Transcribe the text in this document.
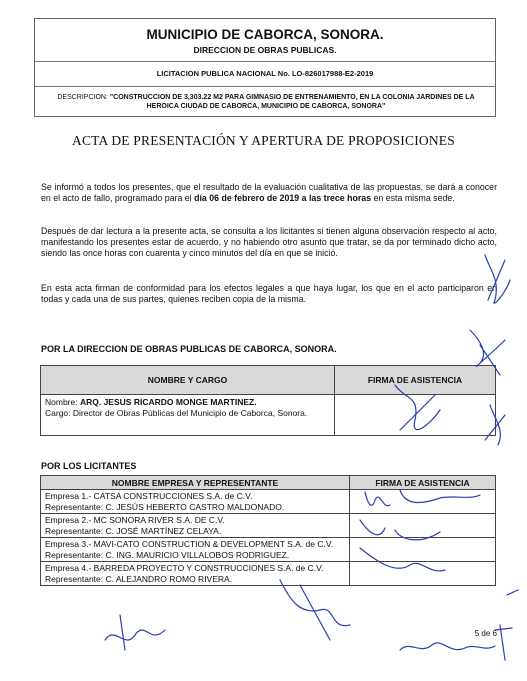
MUNICIPIO DE CABORCA, SONORA.
DIRECCION DE OBRAS PUBLICAS.
LICITACION PUBLICA NACIONAL No. LO-826017988-E2-2019
DESCRIPCION: "CONSTRUCCION DE 3,303.22 M2 PARA GIMNASIO DE ENTRENAMIENTO, EN LA COLONIA JARDINES DE LA HEROICA CIUDAD DE CABORCA, MUNICIPIO DE CABORCA, SONORA"
ACTA DE PRESENTACIÓN Y APERTURA DE PROPOSICIONES
Se informó a todos los presentes, que el resultado de la evaluación cualitativa de las propuestas, se dará a conocer en el acto de fallo, programado para el día 06 de febrero de 2019 a las trece horas en esta misma sede.
Después de dar lectura a la presente acta, se consulta a los licitantes si tienen alguna observación respecto al acto, manifestando los presentes estar de acuerdo, y no habiendo otro asunto que tratar, se da por terminado dicho acto, siendo las once horas con cuarenta y cinco minutos del día en que se inició.
En esta acta firman de conformidad para los efectos legales a que haya lugar, los que en el acto participaron en todas y cada una de sus partes, quienes reciben copia de la misma.
POR LA DIRECCION DE OBRAS PUBLICAS DE CABORCA, SONORA.
NOMBRE Y CARGO	FIRMA DE ASISTENCIA
Nombre: ARQ. JESUS RICARDO MONGE MARTINEZ.
Cargo: Director de Obras Públicas del Municipio de Caborca, Sonora.	
POR LOS LICITANTES
NOMBRE EMPRESA Y REPRESENTANTE	FIRMA DE ASISTENCIA
Empresa 1.- CATSA CONSTRUCCIONES S.A. de C.V.
Representante: C. JESÚS HEBERTO CASTRO MALDONADO.	
Empresa 2.- MC SONORA RIVER S.A. DE C.V.
Representante: C. JOSÉ MARTÍNEZ CELAYA.	
Empresa 3.- MAVI-CATO CONSTRUCTION & DEVELOPMENT S.A. de C.V.
Representante: C. ING. MAURICIO VILLALOBOS RODRIGUEZ.	
Empresa 4.- BARREDA PROYECTO Y CONSTRUCCIONES S.A. de C.V.
Representante: C. ALEJANDRO ROMO RIVERA.	
5 de 6
